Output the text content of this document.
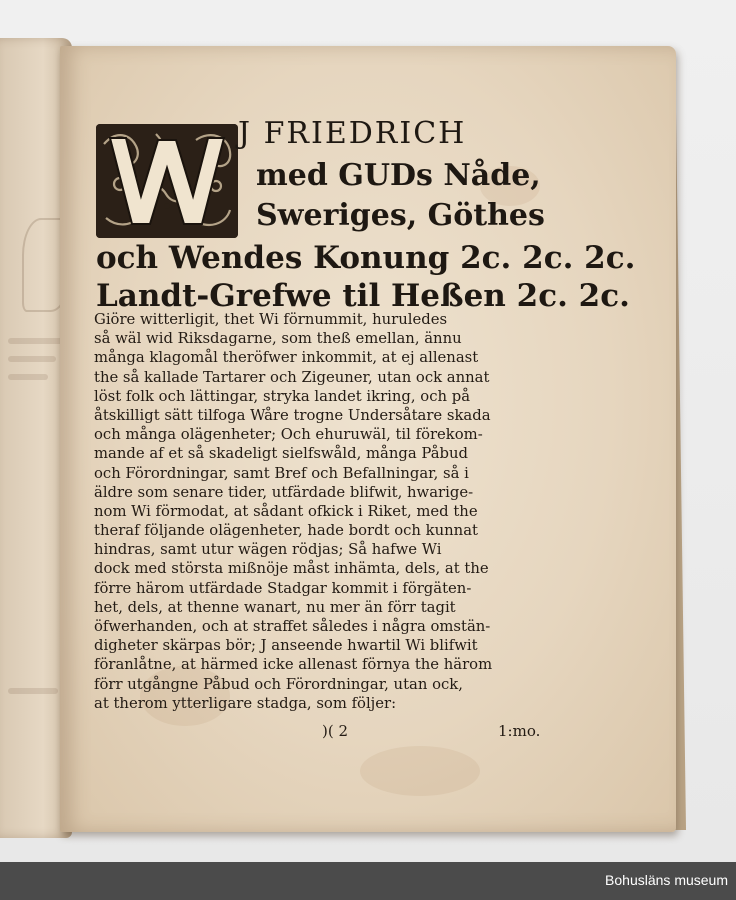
J FRIEDRICH
med GUDs Nåde,
Sweriges, Göthes
och Wendes Konung 2c. 2c. 2c.
Landt-Grefwe til Heßen 2c. 2c.
Giöre witterligit, thet Wi förnummit, huruledes
så wäl wid Riksdagarne, som theß emellan, ännu
många klagomål theröfwer inkommit, at ej allenast
the så kallade Tartarer och Zigeuner, utan ock annat
löst folk och lättingar, stryka landet ikring, och på
åtskilligt sätt tilfoga Wåre trogne Undersåtare skada
och många olägenheter; Och ehuruwäl, til förekom-
mande af et så skadeligt sielfswåld, många Påbud
och Förordningar, samt Bref och Befallningar, så i
äldre som senare tider, utfärdade blifwit, hwarige-
nom Wi förmodat, at sådant ofkick i Riket, med the
theraf följande olägenheter, hade bordt och kunnat
hindras, samt utur wägen rödjas; Så hafwe Wi
dock med största mißnöje måst inhämta, dels, at the
förre härom utfärdade Stadgar kommit i förgäten-
het, dels, at thenne wanart, nu mer än förr tagit
öfwerhanden, och at straffet således i några omstän-
digheter skärpas bör; J anseende hwartil Wi blifwit
föranlåtne, at härmed icke allenast förnya the härom
förr utgångne Påbud och Förordningar, utan ock,
at therom ytterligare stadga, som följer:
)( 2	1:mo.
Bohusläns museum
